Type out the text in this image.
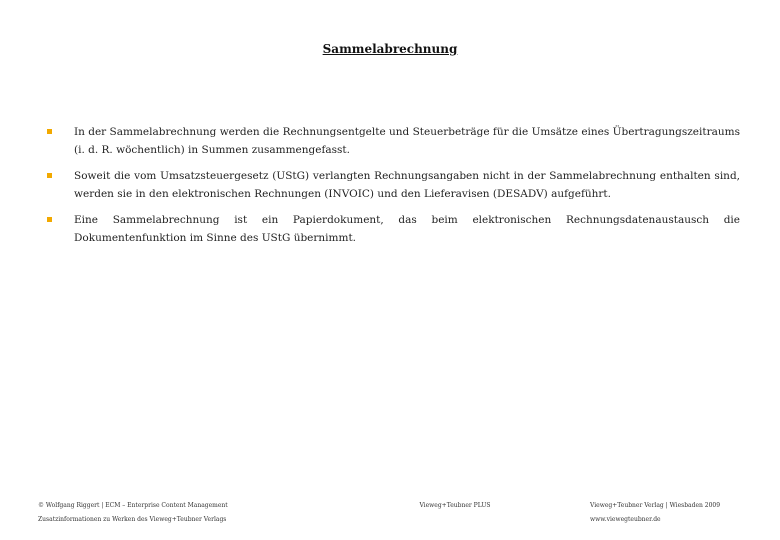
Sammelabrechnung
In der Sammelabrechnung werden die Rechnungsentgelte und Steuerbeträge für die Umsätze eines Übertragungszeitraums (i. d. R. wöchentlich) in Summen zusammengefasst.
Soweit die vom Umsatzsteuergesetz (UStG) verlangten Rechnungsangaben nicht in der Sammelabrechnung enthalten sind, werden sie in den elektronischen Rechnungen (INVOIC) und den Lieferavisen (DESADV) aufgeführt.
Eine Sammelabrechnung ist ein Papierdokument, das beim elektronischen Rechnungsdatenaustausch die Dokumentenfunktion im Sinne des UStG übernimmt.
© Wolfgang Riggert | ECM – Enterprise Content Management
Zusatzinformationen zu Werken des Vieweg+Teubner Verlags
Vieweg+Teubner PLUS	Vieweg+Teubner Verlag | Wiesbaden 2009
www.viewegteubner.de
